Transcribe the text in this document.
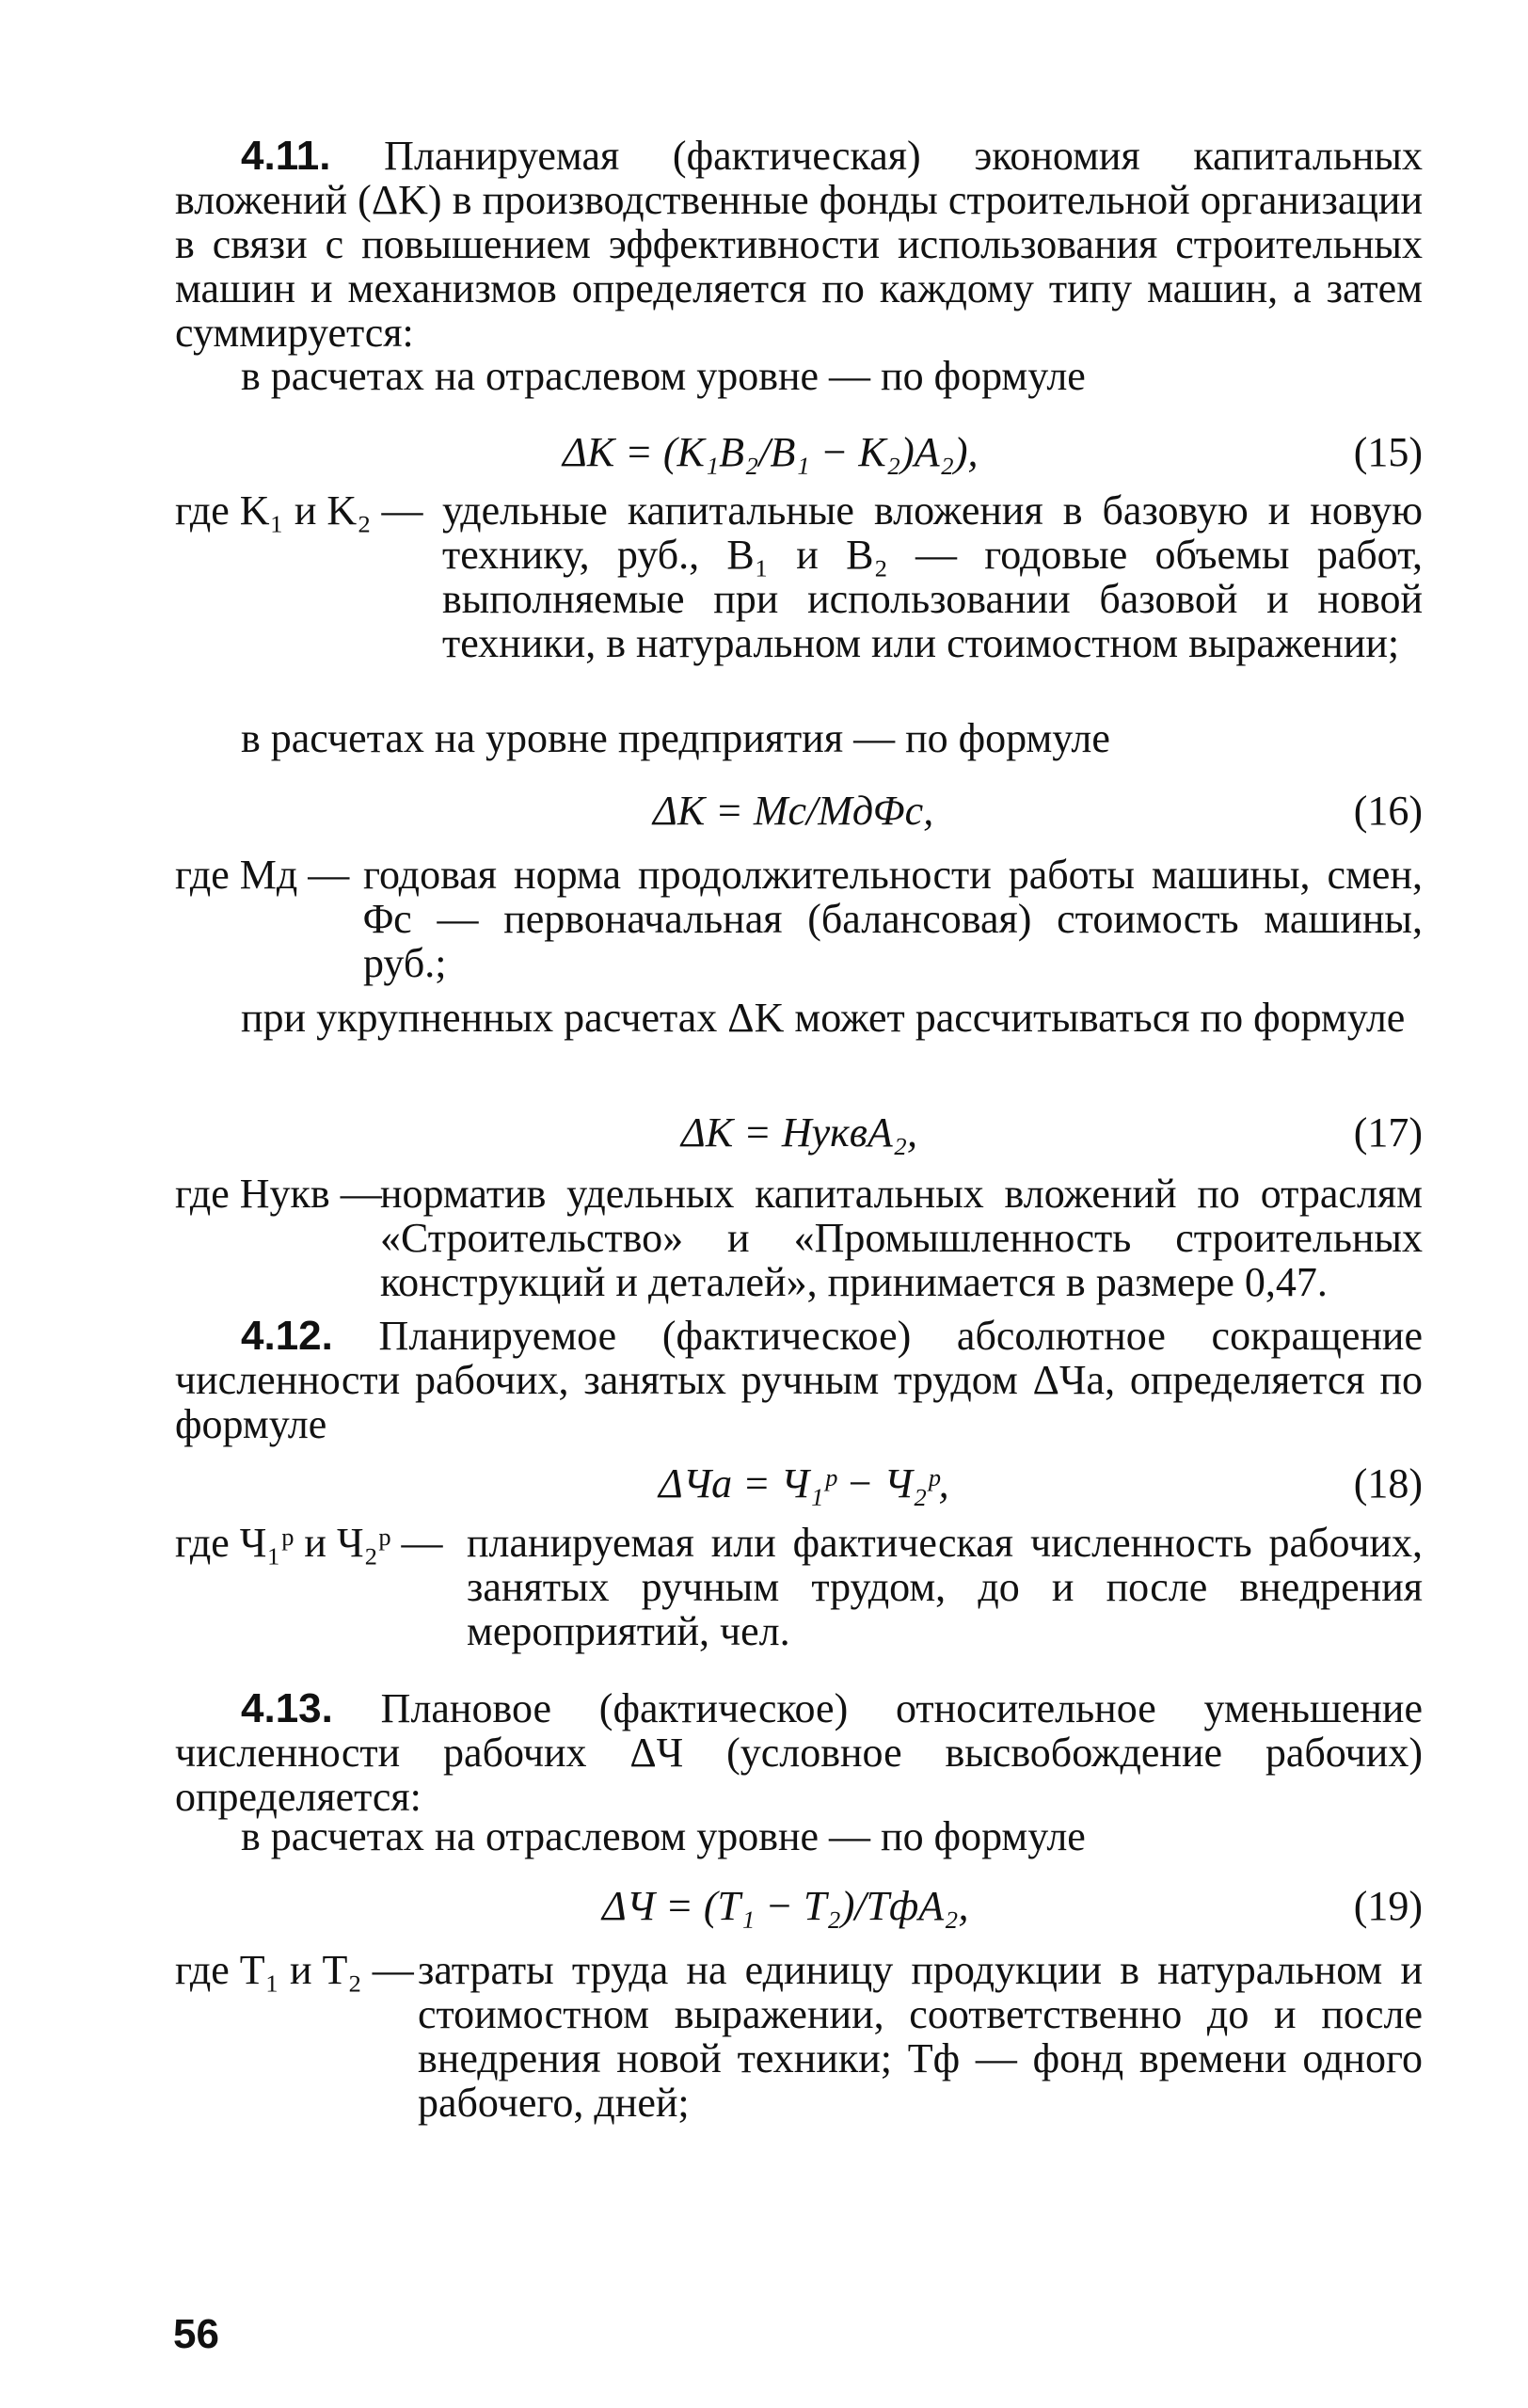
4.11. Планируемая (фактическая) экономия капитальных вложений (ΔK) в производственные фонды строительной организации в связи с повышением эффективности использования строительных машин и механизмов определяется по каждому типу машин, а затем суммируется:
в расчетах на отраслевом уровне — по формуле
ΔK = (K₁B₂/B₁ − K₂)A₂),	(15)
где K₁ и K₂ — удельные капитальные вложения в базовую и новую технику, руб., B₁ и B₂ — годовые объемы работ, выполняемые при использовании базовой и новой техники, в натуральном или стоимостном выражении;
в расчетах на уровне предприятия — по формуле
ΔK = Mс/MдΦс,	(16)
где Mд — годовая норма продолжительности работы машины, смен, Φс — первоначальная (балансовая) стоимость машины, руб.;
при укрупненных расчетах ΔK может рассчитываться по формуле
ΔK = HуквA₂,	(17)
где Hукв —
норматив удельных капитальных вложений по отраслям «Строительство» и «Промышленность строительных конструкций и деталей», принимается в размере 0,47.
4.12. Планируемое (фактическое) абсолютное сокращение численности рабочих, занятых ручным трудом ΔЧа, определяется по формуле
ΔЧа = Ч₁ᵖ − Ч₂ᵖ,	(18)
где Ч₁ᵖ и Ч₂ᵖ — планируемая или фактическая численность рабочих, занятых ручным трудом, до и после внедрения мероприятий, чел.
4.13. Плановое (фактическое) относительное уменьшение численности рабочих ΔЧ (условное высвобождение рабочих) определяется:
в расчетах на отраслевом уровне — по формуле
ΔЧ = (T₁ − T₂)/TфA₂,	(19)
где T₁ и T₂ — затраты труда на единицу продукции в натуральном и стоимостном выражении, соответственно до и после внедрения новой техники; Tф — фонд времени одного рабочего, дней;
56
